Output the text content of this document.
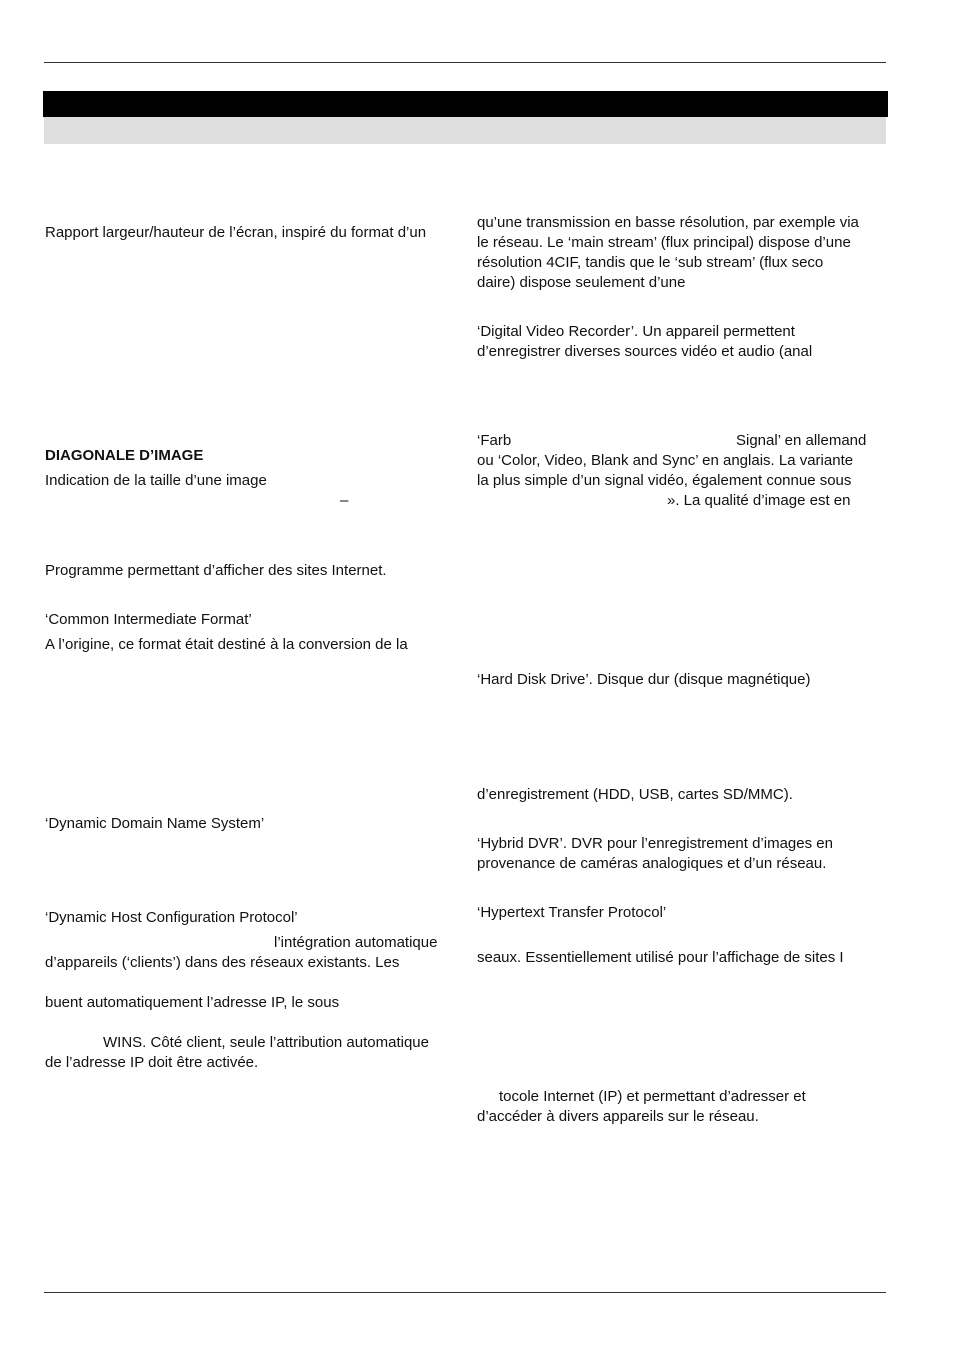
Rapport largeur/hauteur de l’écran, inspiré du format d’un
DIAGONALE D’IMAGE
Indication de la taille d’une image
–
Programme permettant d’afficher des sites Internet.
‘Common Intermediate Format’
A l’origine, ce format était destiné à la conversion de la
‘Dynamic Domain Name System’
‘Dynamic Host Configuration Protocol’
l’intégration automatique
d’appareils (‘clients’) dans des réseaux existants. Les
buent automatiquement l’adresse IP, le sous
WINS. Côté client, seule l’attribution automatique
de l’adresse IP doit être activée.
qu’une transmission en basse résolution, par exemple via
le réseau. Le ‘main stream’ (flux principal) dispose d’une
résolution 4CIF, tandis que le ‘sub stream’ (flux seco
daire) dispose seulement d’une
‘Digital Video Recorder’. Un appareil permettent
d’enregistrer diverses sources vidéo et audio (anal
‘Farb	Signal’ en allemand
ou ‘Color, Video, Blank and Sync’ en anglais. La variante
la plus simple d’un signal vidéo, également connue sous
». La qualité d’image est en
‘Hard Disk Drive’. Disque dur (disque magnétique)
d’enregistrement (HDD, USB, cartes SD/MMC).
‘Hybrid DVR’. DVR pour l’enregistrement d’images en
provenance de caméras analogiques et d’un réseau.
‘Hypertext Transfer Protocol’
seaux. Essentiellement utilisé pour l’affichage de sites I
tocole Internet (IP) et permettant d’adresser et
d’accéder à divers appareils sur le réseau.
